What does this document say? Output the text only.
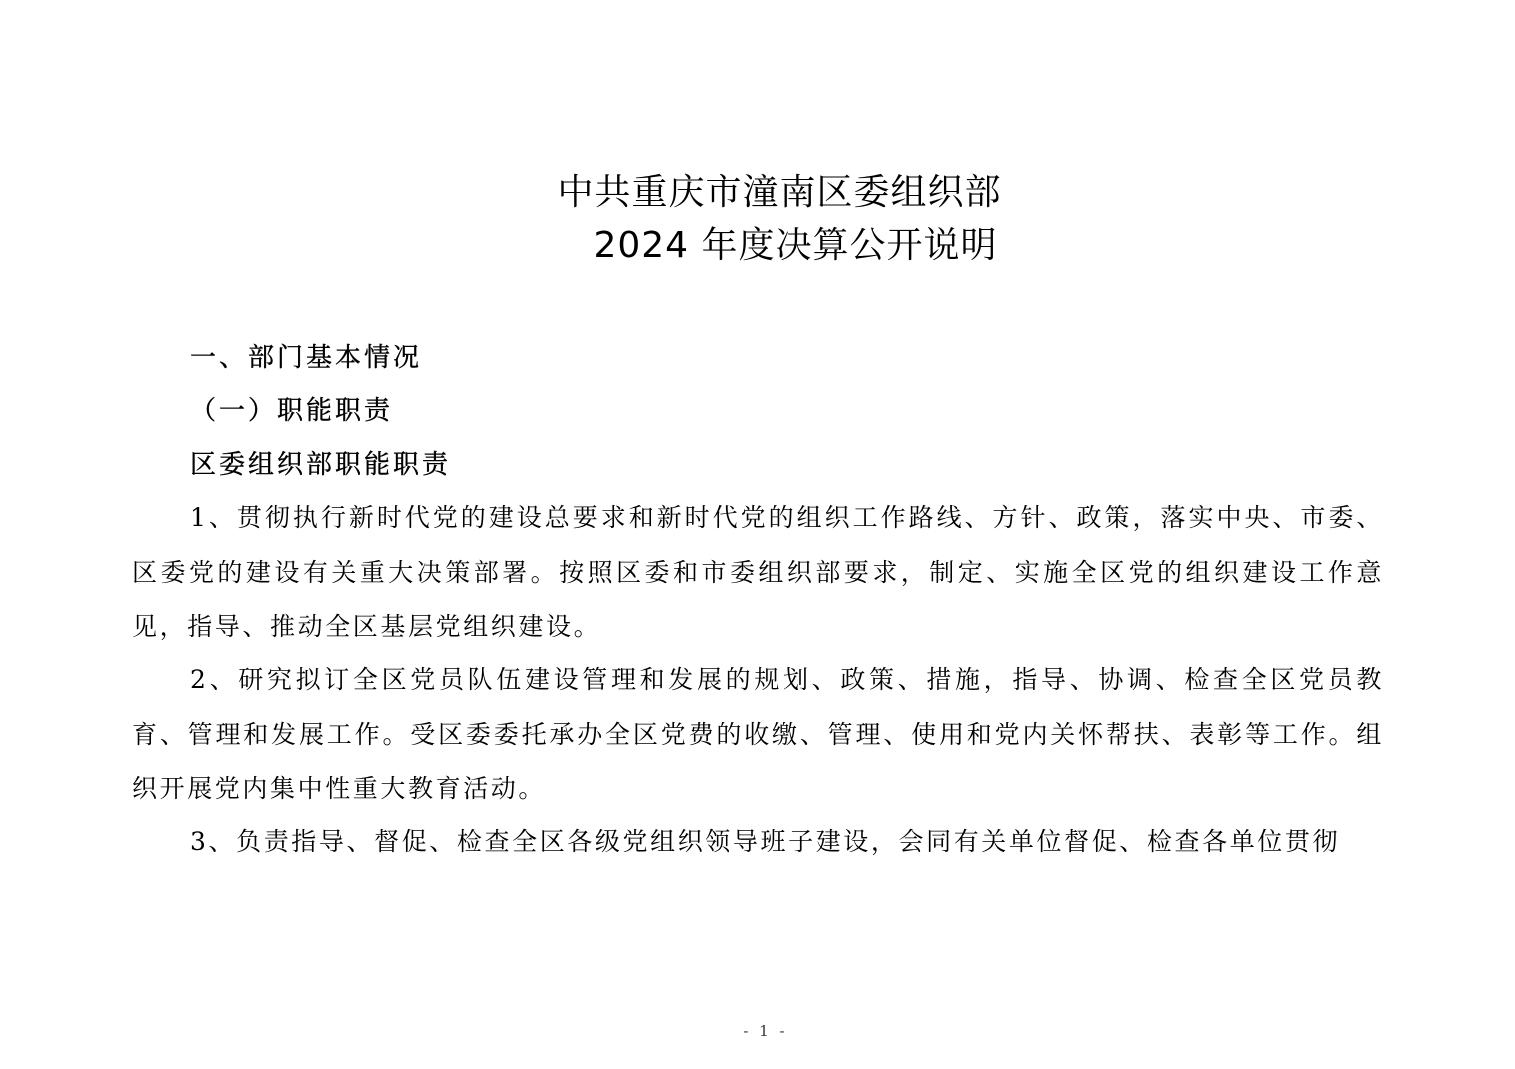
中共重庆市潼南区委组织部
2024 年度决算公开说明
一、部门基本情况
（一）职能职责
区委组织部职能职责
1、贯彻执行新时代党的建设总要求和新时代党的组织工作路线、方针、政策，落实中央、市委、区委党的建设有关重大决策部署。按照区委和市委组织部要求，制定、实施全区党的组织建设工作意见，指导、推动全区基层党组织建设。
2、研究拟订全区党员队伍建设管理和发展的规划、政策、措施，指导、协调、检查全区党员教育、管理和发展工作。受区委委托承办全区党费的收缴、管理、使用和党内关怀帮扶、表彰等工作。组织开展党内集中性重大教育活动。
3、负责指导、督促、检查全区各级党组织领导班子建设，会同有关单位督促、检查各单位贯彻
- 1 -
